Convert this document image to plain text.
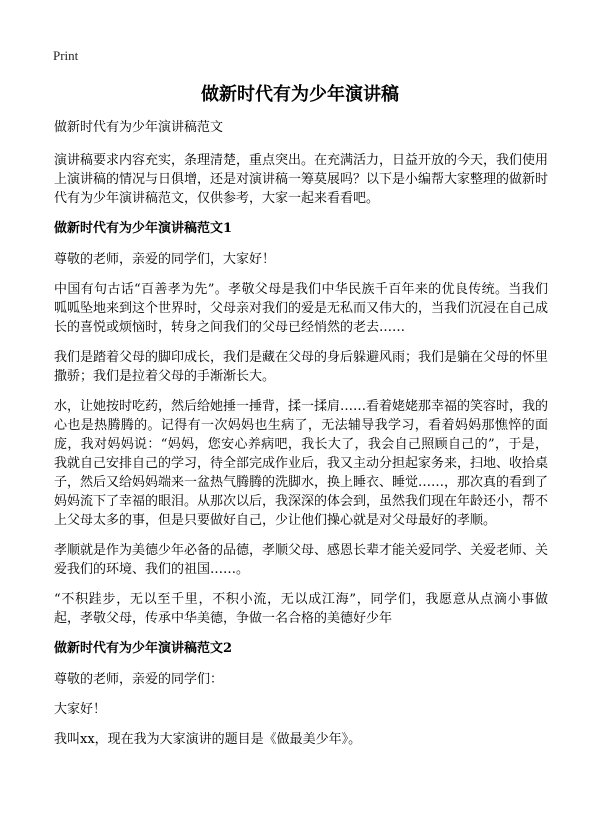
Print
做新时代有为少年演讲稿

做新时代有为少年演讲稿范文

演讲稿要求内容充实，条理清楚，重点突出。在充满活力，日益开放的今天，我们使用上演讲稿的情况与日俱增，还是对演讲稿一筹莫展吗？以下是小编帮大家整理的做新时代有为少年演讲稿范文，仅供参考，大家一起来看看吧。

做新时代有为少年演讲稿范文1

尊敬的老师，亲爱的同学们，大家好！

中国有句古话“百善孝为先”。孝敬父母是我们中华民族千百年来的优良传统。当我们呱呱坠地来到这个世界时，父母亲对我们的爱是无私而又伟大的，当我们沉浸在自己成长的喜悦或烦恼时，转身之间我们的父母已经悄然的老去……

我们是踏着父母的脚印成长，我们是藏在父母的身后躲避风雨；我们是躺在父母的怀里撒骄；我们是拉着父母的手渐渐长大。

水，让她按时吃药，然后给她捶一捶背，揉一揉肩……看着姥姥那幸福的笑容时，我的心也是热腾腾的。记得有一次妈妈也生病了，无法辅导我学习，看着妈妈那憔悴的面庞，我对妈妈说：“妈妈，您安心养病吧，我长大了，我会自己照顾自己的”，于是，我就自己安排自己的学习，待全部完成作业后，我又主动分担起家务来，扫地、收拾桌子，然后又给妈妈端来一盆热气腾腾的洗脚水，换上睡衣、睡觉……，那次真的看到了妈妈流下了幸福的眼泪。从那次以后，我深深的体会到，虽然我们现在年龄还小，帮不上父母太多的事，但是只要做好自己，少让他们操心就是对父母最好的孝顺。

孝顺就是作为美德少年必备的品德，孝顺父母、感恩长辈才能关爱同学、关爱老师、关爱我们的环境、我们的祖国……。

“不积跬步，无以至千里，不积小流，无以成江海”，同学们，我愿意从点滴小事做起，孝敬父母，传承中华美德，争做一名合格的美德好少年

做新时代有为少年演讲稿范文2

尊敬的老师，亲爱的同学们：

大家好！

我叫xx，现在我为大家演讲的题目是《做最美少年》。
